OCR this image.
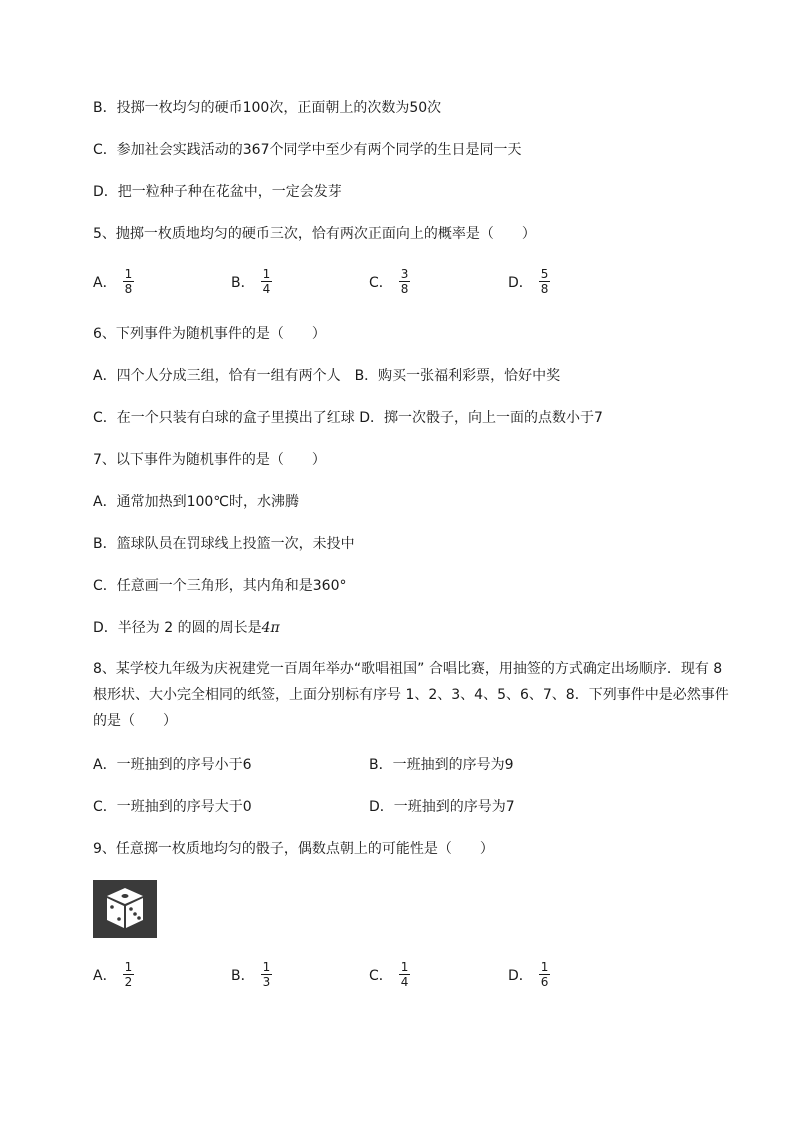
B．投掷一枚均匀的硬币100次，正面朝上的次数为50次
C．参加社会实践活动的367个同学中至少有两个同学的生日是同一天
D．把一粒种子种在花盆中，一定会发芽
5、抛掷一枚质地均匀的硬币三次，恰有两次正面向上的概率是（　　）
A． $\frac{1}{8}$	B． $\frac{1}{4}$	C． $\frac{3}{8}$	D． $\frac{5}{8}$
6、下列事件为随机事件的是（　　）
A．四个人分成三组，恰有一组有两个人　B．购买一张福利彩票，恰好中奖
C．在一个只装有白球的盒子里摸出了红球 D．掷一次骰子，向上一面的点数小于7
7、以下事件为随机事件的是（　　）
A．通常加热到100℃时，水沸腾
B．篮球队员在罚球线上投篮一次，未投中
C．任意画一个三角形，其内角和是360°
D．半径为 2 的圆的周长是4π
8、某学校九年级为庆祝建党一百周年举办“歌唱祖国” 合唱比赛，用抽签的方式确定出场顺序．现有 8 根形状、大小完全相同的纸签，上面分别标有序号 1、2、3、4、5、6、7、8．下列事件中是必然事件的是（　　）
A．一班抽到的序号小于6	B．一班抽到的序号为9
C．一班抽到的序号大于0	D．一班抽到的序号为7
9、任意掷一枚质地均匀的骰子，偶数点朝上的可能性是（　　）
A． $\frac{1}{2}$	B． $\frac{1}{3}$	C． $\frac{1}{4}$	D． $\frac{1}{6}$
